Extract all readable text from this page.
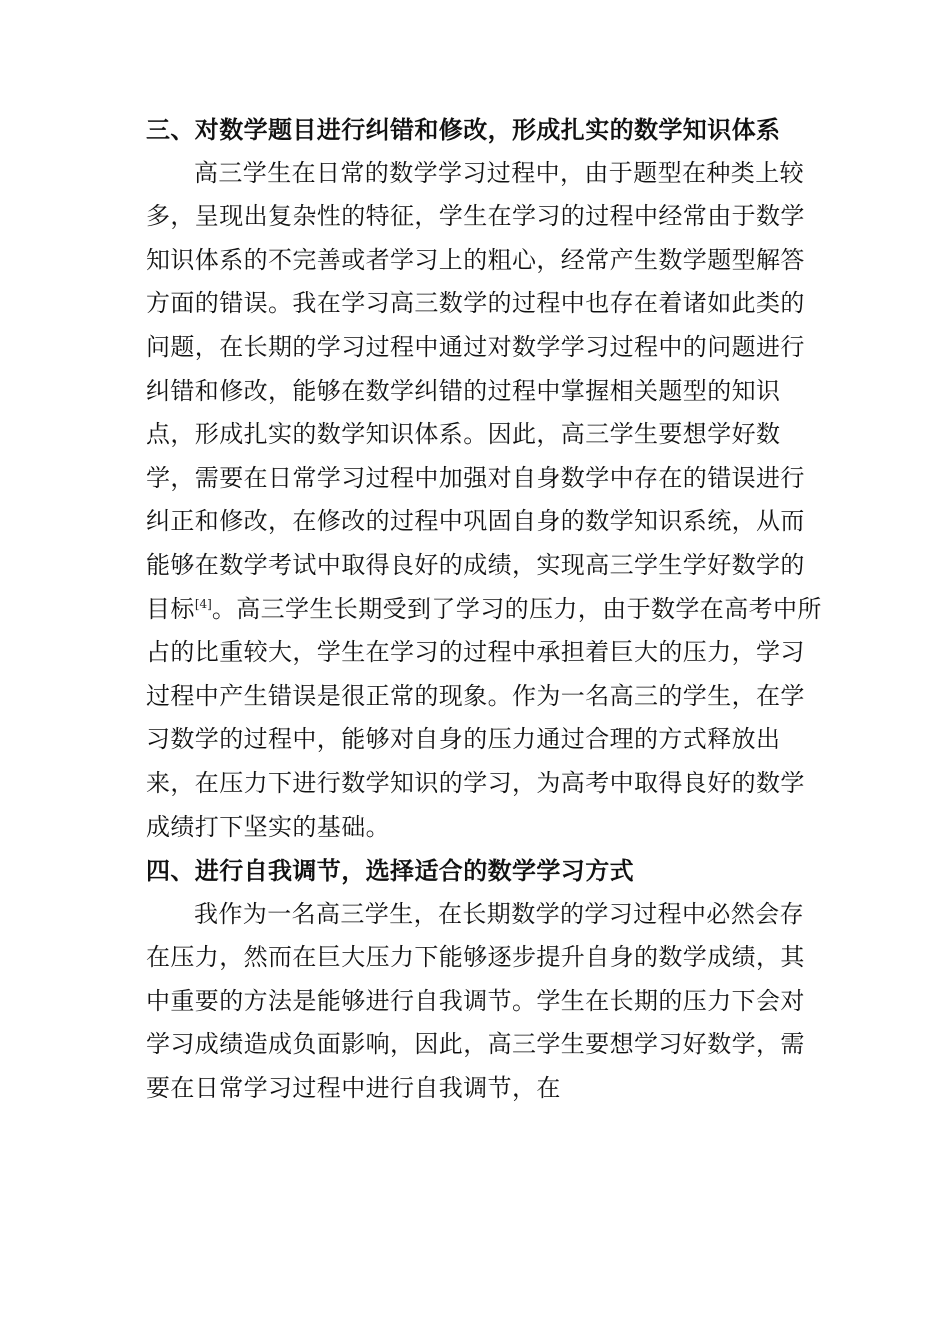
三、对数学题目进行纠错和修改，形成扎实的数学知识体系

高三学生在日常的数学学习过程中，由于题型在种类上较多，呈现出复杂性的特征，学生在学习的过程中经常由于数学知识体系的不完善或者学习上的粗心，经常产生数学题型解答方面的错误。我在学习高三数学的过程中也存在着诸如此类的问题，在长期的学习过程中通过对数学学习过程中的问题进行纠错和修改，能够在数学纠错的过程中掌握相关题型的知识点，形成扎实的数学知识体系。因此，高三学生要想学好数学，需要在日常学习过程中加强对自身数学中存在的错误进行纠正和修改，在修改的过程中巩固自身的数学知识系统，从而能够在数学考试中取得良好的成绩，实现高三学生学好数学的目标[4]。高三学生长期受到了学习的压力，由于数学在高考中所占的比重较大，学生在学习的过程中承担着巨大的压力，学习过程中产生错误是很正常的现象。作为一名高三的学生，在学习数学的过程中，能够对自身的压力通过合理的方式释放出来，在压力下进行数学知识的学习，为高考中取得良好的数学成绩打下坚实的基础。

四、进行自我调节，选择适合的数学学习方式

我作为一名高三学生，在长期数学的学习过程中必然会存在压力，然而在巨大压力下能够逐步提升自身的数学成绩，其中重要的方法是能够进行自我调节。学生在长期的压力下会对学习成绩造成负面影响，因此，高三学生要想学习好数学，需要在日常学习过程中进行自我调节，在
